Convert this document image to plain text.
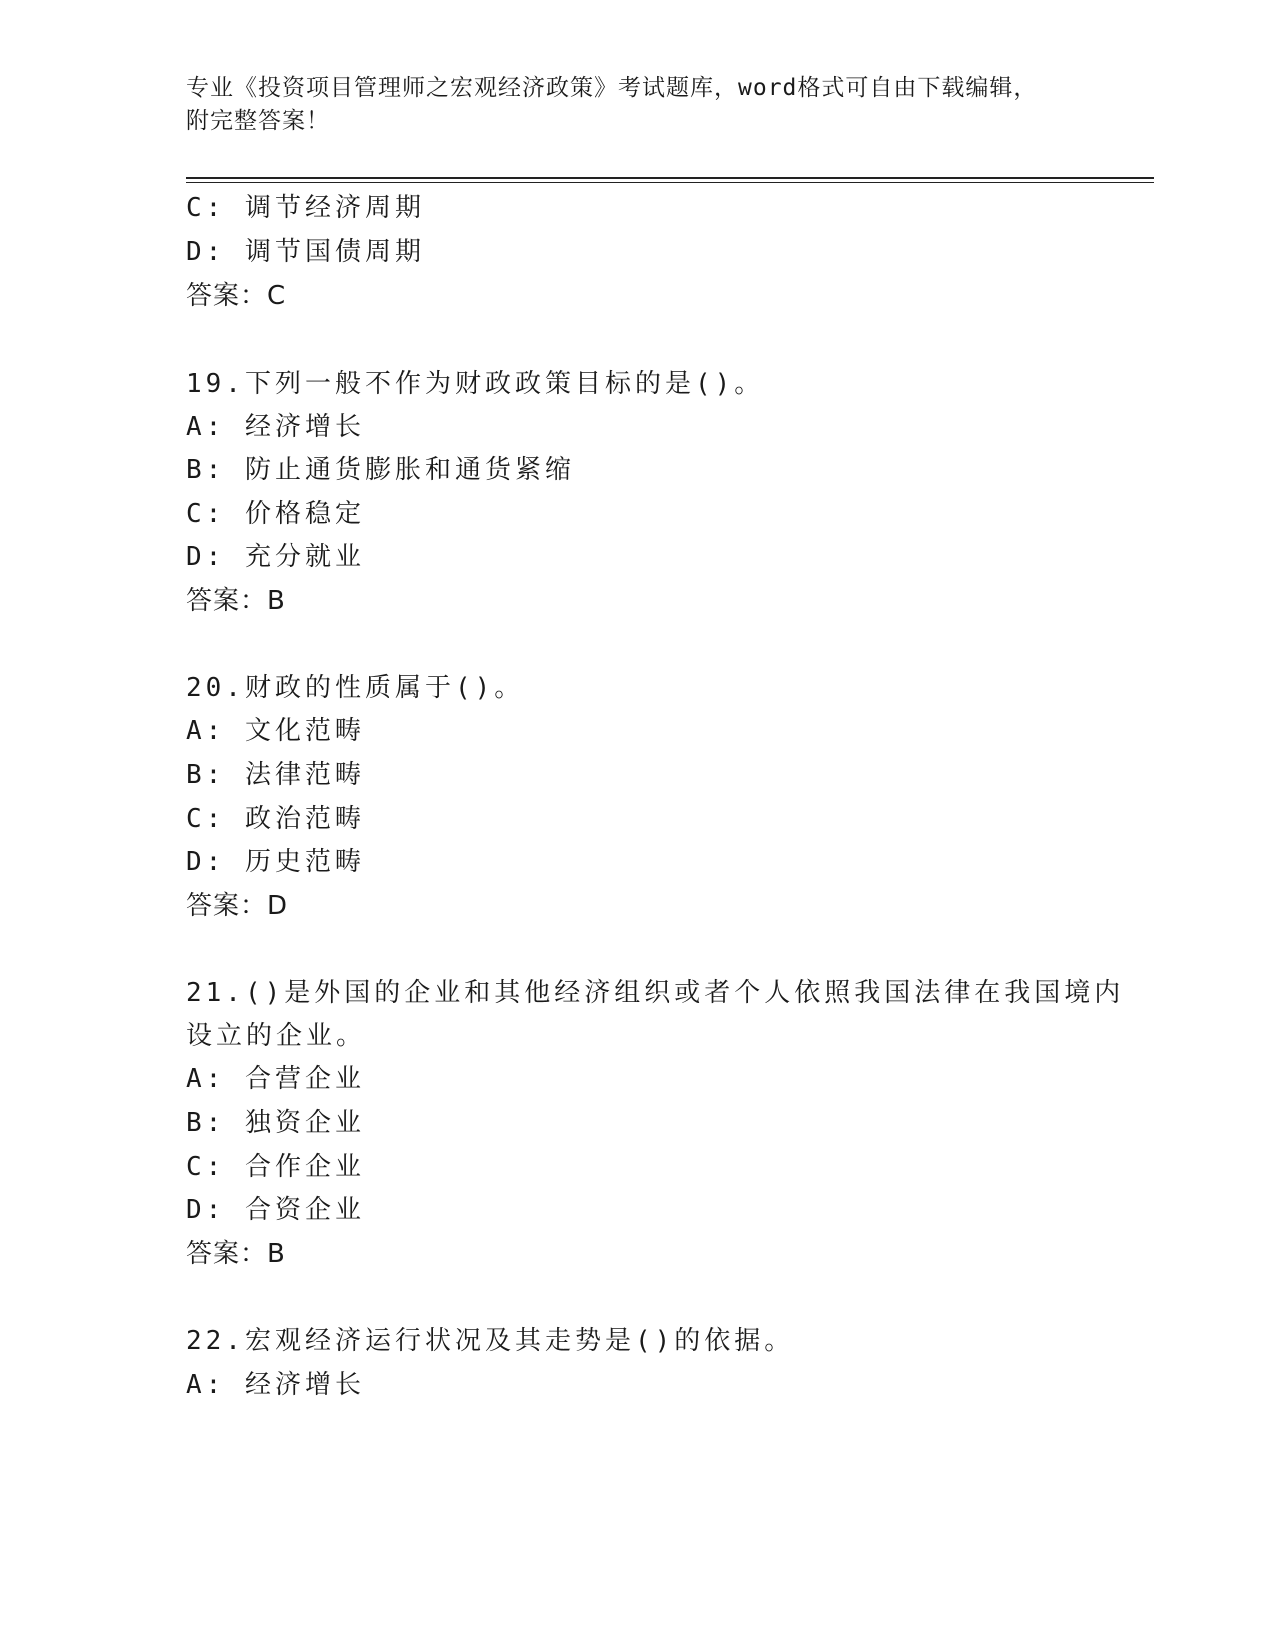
专业《投资项目管理师之宏观经济政策》考试题库，word格式可自由下载编辑，
附完整答案！
C: 调节经济周期
D: 调节国债周期
答案：C
19.下列一般不作为财政政策目标的是()。
A: 经济增长
B: 防止通货膨胀和通货紧缩
C: 价格稳定
D: 充分就业
答案：B
20.财政的性质属于()。
A: 文化范畴
B: 法律范畴
C: 政治范畴
D: 历史范畴
答案：D
21.()是外国的企业和其他经济组织或者个人依照我国法律在我国境内
设立的企业。
A: 合营企业
B: 独资企业
C: 合作企业
D: 合资企业
答案：B
22.宏观经济运行状况及其走势是()的依据。
A: 经济增长
